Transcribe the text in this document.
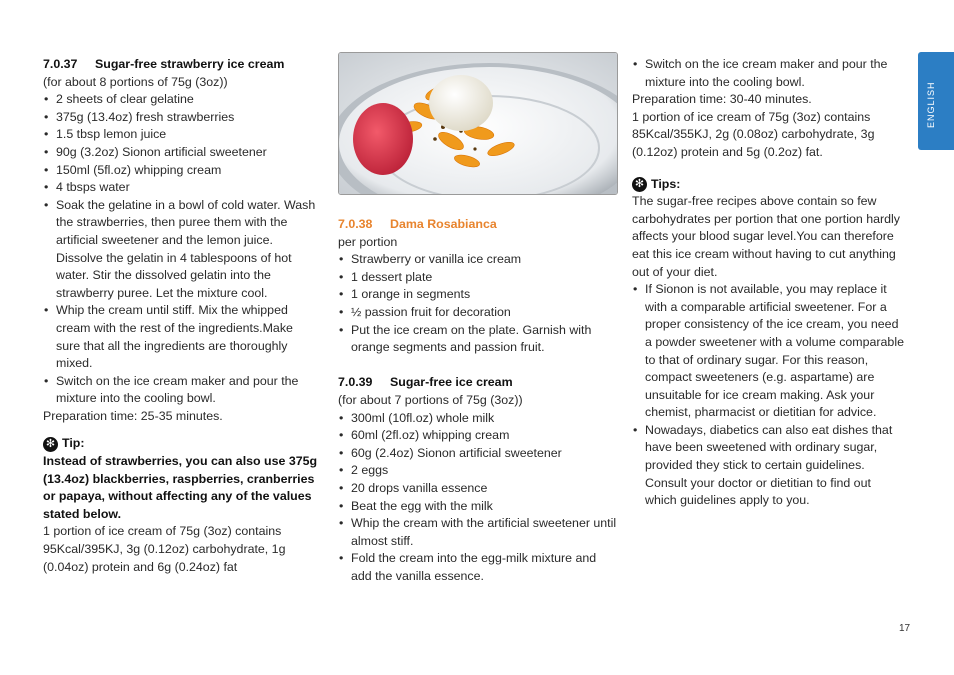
7.0.37 Sugar-free strawberry ice cream

(for about 8 portions of 75g (3oz))

• 2 sheets of clear gelatine
• 375g (13.4oz) fresh strawberries
• 1.5 tbsp lemon juice
• 90g (3.2oz) Sionon artificial sweetener
• 150ml (5fl.oz) whipping cream
• 4 tbsps water
• Soak the gelatine in a bowl of cold water. Wash the strawberries, then puree them with the artificial sweetener and the lemon juice. Dissolve the gelatin in 4 tablespoons of hot water. Stir the dissolved gelatin into the strawberry puree. Let the mixture cool.
• Whip the cream until stiff. Mix the whipped cream with the rest of the ingredients.Make sure that all the ingredients are thoroughly mixed.
• Switch on the ice cream maker and pour the mixture into the cooling bowl.

Preparation time: 25-35 minutes.

✻ Tip:

Instead of strawberries, you can also use 375g (13.4oz) blackberries, raspberries, cranberries or papaya, without affecting any of the values stated below.

1 portion of ice cream of 75g (3oz) contains 95Kcal/395KJ, 3g (0.12oz) carbohydrate, 1g (0.04oz) protein and 6g (0.24oz) fat

7.0.38 Dama Rosabianca

per portion

• Strawberry or vanilla ice cream
• 1 dessert plate
• 1 orange in segments
• ½ passion fruit for decoration
• Put the ice cream on the plate. Garnish with orange segments and passion fruit.
7.0.39 Sugar-free ice cream

(for about 7 portions of 75g (3oz))

• 300ml (10fl.oz) whole milk
• 60ml (2fl.oz) whipping cream
• 60g (2.4oz) Sionon artificial sweetener
• 2 eggs
• 20 drops vanilla essence
• Beat the egg with the milk
• Whip the cream with the artificial sweetener until almost stiff.
• Fold the cream into the egg-milk mixture and add the vanilla essence.
• Switch on the ice cream maker and pour the mixture into the cooling bowl.

Preparation time: 30-40 minutes.

1 portion of ice cream of 75g (3oz) contains 85Kcal/355KJ, 2g (0.08oz) carbohydrate, 3g (0.12oz) protein and 5g (0.2oz) fat.

✻ Tips:

The sugar-free recipes above contain so few carbohydrates per portion that one portion hardly affects your blood sugar level.You can therefore eat this ice cream without having to cut anything out of your diet.

• If Sionon is not available, you may replace it with a comparable artificial sweetener. For a proper consistency of the ice cream, you need a powder sweetener with a volume comparable to that of ordinary sugar. For this reason, compact sweeteners (e.g. aspartame) are unsuitable for ice cream making. Ask your chemist, pharmacist or dietitian for advice.
• Nowadays, diabetics can also eat dishes that have been sweetened with ordinary sugar, provided they stick to certain guidelines. Consult your doctor or dietitian to find out which guidelines apply to you.
ENGLISH
17
